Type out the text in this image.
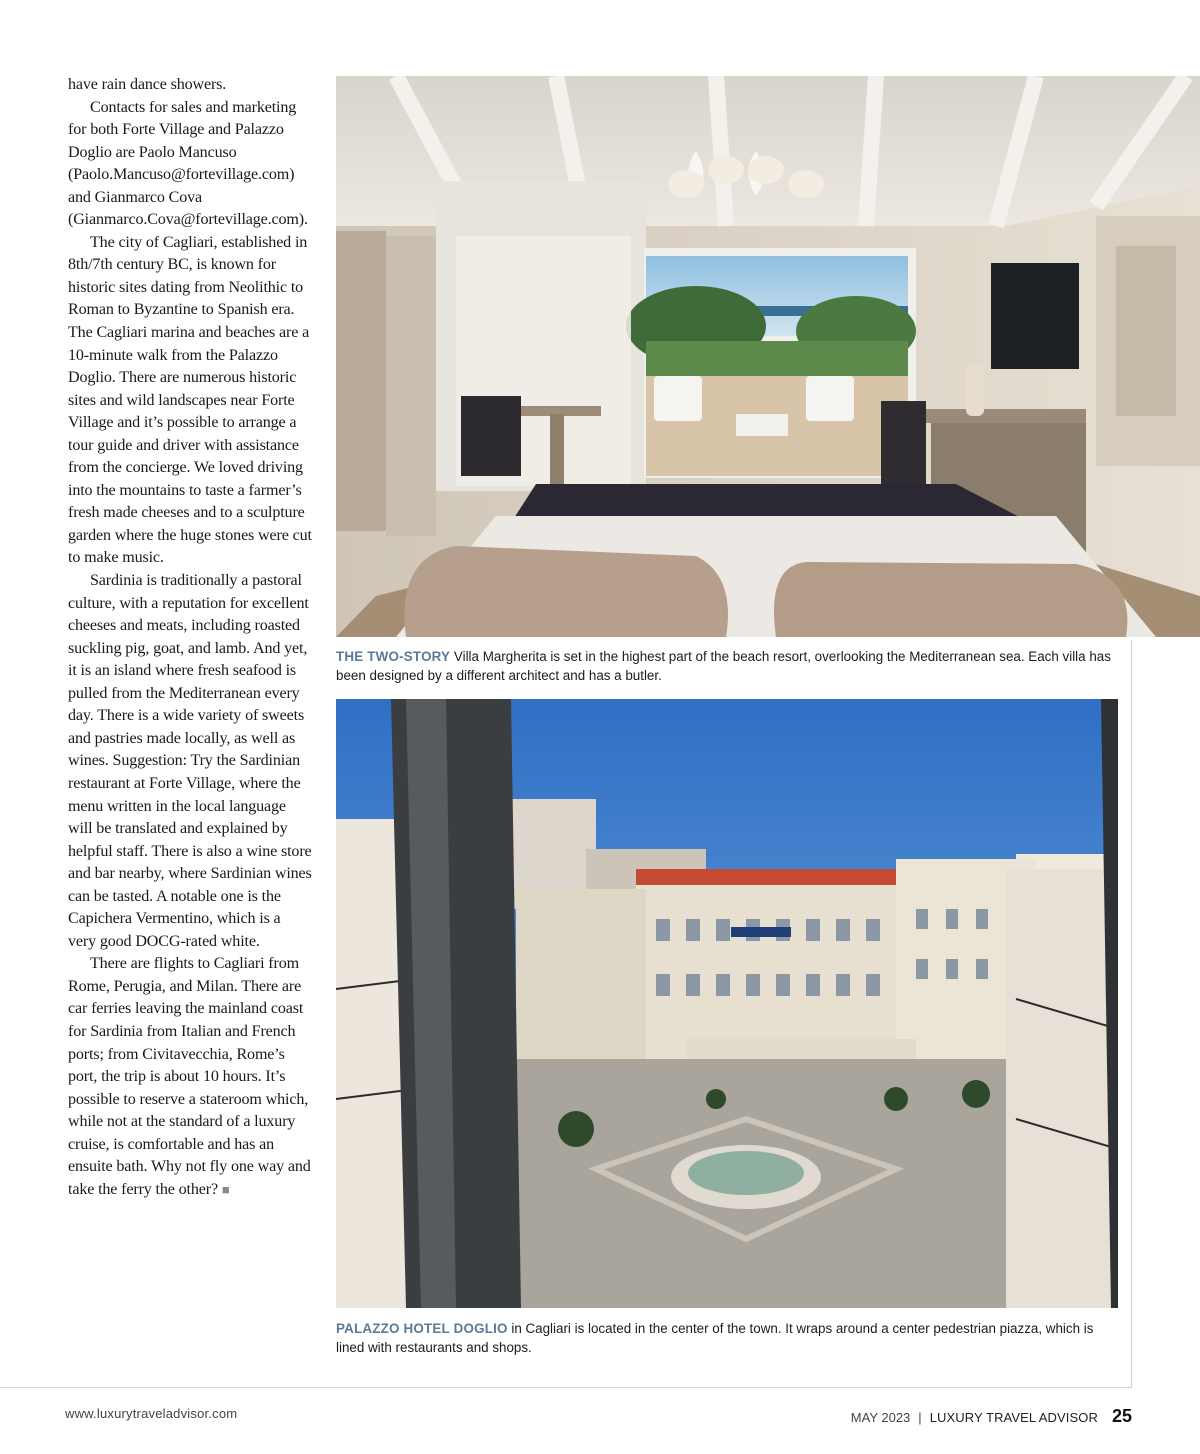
have rain dance showers.

Contacts for sales and marketing for both Forte Village and Palazzo Doglio are Paolo Mancuso (Paolo.Mancuso@fortevillage.com) and Gianmarco Cova (Gianmarco.Cova@fortevillage.com).

The city of Cagliari, established in 8th/7th century BC, is known for historic sites dating from Neolithic to Roman to Byzantine to Spanish era. The Cagliari marina and beaches are a 10-minute walk from the Palazzo Doglio. There are numerous historic sites and wild landscapes near Forte Village and it’s possible to arrange a tour guide and driver with assistance from the concierge. We loved driving into the mountains to taste a farmer’s fresh made cheeses and to a sculpture garden where the huge stones were cut to make music.

Sardinia is traditionally a pastoral culture, with a reputation for excellent cheeses and meats, including roasted suckling pig, goat, and lamb. And yet, it is an island where fresh seafood is pulled from the Mediterranean every day. There is a wide variety of sweets and pastries made locally, as well as wines. Suggestion: Try the Sardinian restaurant at Forte Village, where the menu written in the local language will be translated and explained by helpful staff. There is also a wine store and bar nearby, where Sardinian wines can be tasted. A notable one is the Capichera Vermentino, which is a very good DOCG-rated white.

There are flights to Cagliari from Rome, Perugia, and Milan. There are car ferries leaving the mainland coast for Sardinia from Italian and French ports; from Civitavecchia, Rome’s port, the trip is about 10 hours. It’s possible to reserve a stateroom which, while not at the standard of a luxury cruise, is comfortable and has an ensuite bath. Why not fly one way and take the ferry the other? ■

THE TWO-STORY Villa Margherita is set in the highest part of the beach resort, overlooking the Mediterranean sea. Each villa has been designed by a different architect and has a butler.
PALAZZO HOTEL DOGLIO in Cagliari is located in the center of the town. It wraps around a center pedestrian piazza, which is lined with restaurants and shops.
www.luxurytraveladvisor.com	MAY 2023 | LUXURY TRAVEL ADVISOR 25
